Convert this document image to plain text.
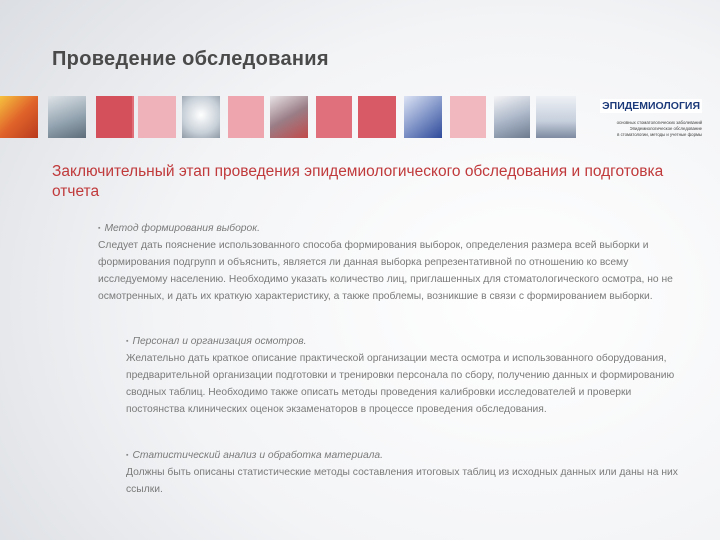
Проведение обследования
ЭПИДЕМИОЛОГИЯ
основных стоматологических заболеваний
Эпидемиологическое обследование
в стоматологии, методы и учетные формы
Заключительный этап проведения эпидемиологического обследования и подготовка отчета
▪ Метод формирования выборок.
Следует дать пояснение использованного способа формирования выборок, определения размера всей выборки и формирования подгрупп и объяснить, является ли данная выборка репрезентативной по отношению ко всему исследуемому населению. Необходимо указать количество лиц, приглашенных для стоматологического осмотра, но не осмотренных, и дать их краткую характеристику, а также проблемы, возникшие в связи с формированием выборки.
▪ Персонал и организация осмотров.
Желательно дать краткое описание практической организации места осмотра и использованного оборудования, предварительной организации подготовки и тренировки персонала по сбору, получению данных и формированию сводных таблиц. Необходимо также описать методы проведения калибровки исследователей и проверки постоянства клинических оценок экзаменаторов в процессе проведения обследования.
▪ Статистический анализ и обработка материала.
Должны быть описаны статистические методы составления итоговых таблиц из исходных данных или даны на них ссылки.
